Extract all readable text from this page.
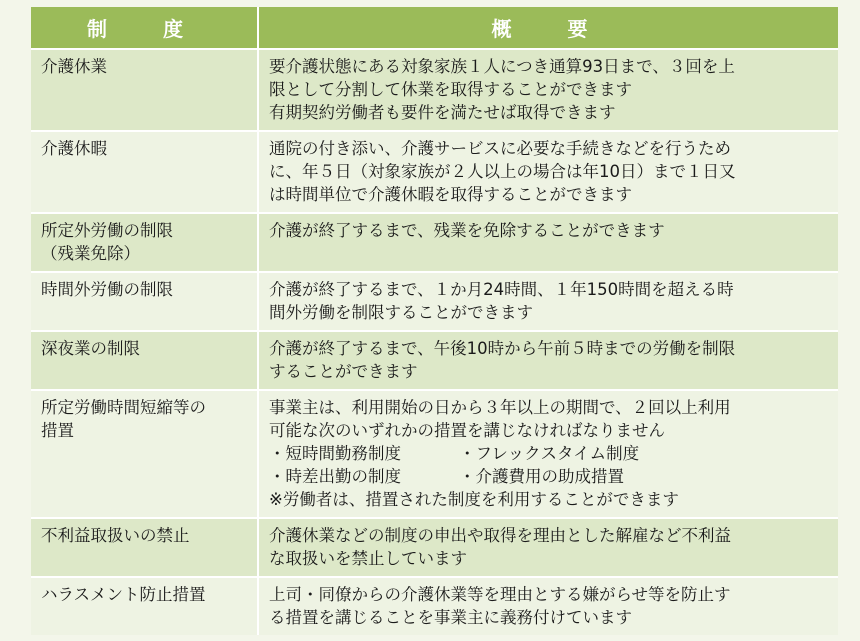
制　度	概　要

介護休業	要介護状態にある対象家族１人につき通算93日まで、３回を上
限として分割して休業を取得することができます
有期契約労働者も要件を満たせば取得できます

介護休暇	通院の付き添い、介護サービスに必要な手続きなどを行うため
に、年５日（対象家族が２人以上の場合は年10日）まで１日又
は時間単位で介護休暇を取得することができます

所定外労働の制限
（残業免除）	介護が終了するまで、残業を免除することができます

時間外労働の制限	介護が終了するまで、１か月24時間、１年150時間を超える時
間外労働を制限することができます

深夜業の制限	介護が終了するまで、午後10時から午前５時までの労働を制限
することができます

所定労働時間短縮等の
措置	事業主は、利用開始の日から３年以上の期間で、２回以上利用
可能な次のいずれかの措置を講じなければなりません
・短時間勤務制度 ・フレックスタイム制度
・時差出勤の制度 ・介護費用の助成措置
※労働者は、措置された制度を利用することができます

不利益取扱いの禁止	介護休業などの制度の申出や取得を理由とした解雇など不利益
な取扱いを禁止しています

ハラスメント防止措置	上司・同僚からの介護休業等を理由とする嫌がらせ等を防止す
る措置を講じることを事業主に義務付けています
